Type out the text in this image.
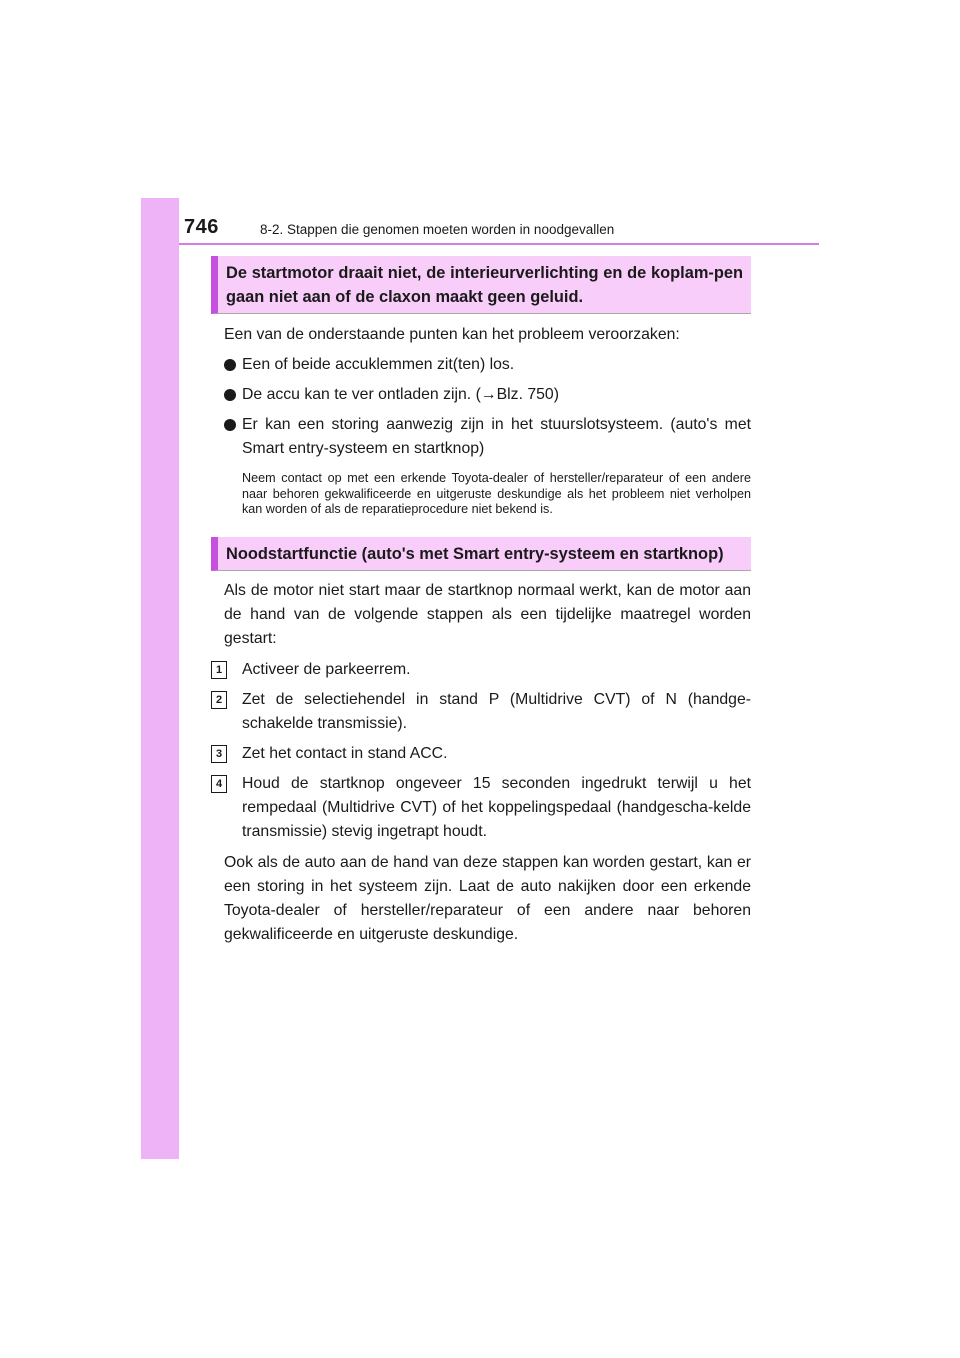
746	8-2. Stappen die genomen moeten worden in noodgevallen
De startmotor draait niet, de interieurverlichting en de koplam-pen gaan niet aan of de claxon maakt geen geluid.

Een van de onderstaande punten kan het probleem veroorzaken:

Een of beide accuklemmen zit(ten) los.

De accu kan te ver ontladen zijn. (→Blz. 750)

Er kan een storing aanwezig zijn in het stuurslotsysteem. (auto's met Smart entry-systeem en startknop)

Neem contact op met een erkende Toyota-dealer of hersteller/reparateur of een andere naar behoren gekwalificeerde en uitgeruste deskundige als het probleem niet verholpen kan worden of als de reparatieprocedure niet bekend is.

Noodstartfunctie (auto's met Smart entry-systeem en startknop)

Als de motor niet start maar de startknop normaal werkt, kan de motor aan de hand van de volgende stappen als een tijdelijke maatregel worden gestart:

1	Activeer de parkeerrem.

2	Zet de selectiehendel in stand P (Multidrive CVT) of N (handge-schakelde transmissie).

3	Zet het contact in stand ACC.

4	Houd de startknop ongeveer 15 seconden ingedrukt terwijl u het rempedaal (Multidrive CVT) of het koppelingspedaal (handgescha-kelde transmissie) stevig ingetrapt houdt.

Ook als de auto aan de hand van deze stappen kan worden gestart, kan er een storing in het systeem zijn. Laat de auto nakijken door een erkende Toyota-dealer of hersteller/reparateur of een andere naar behoren gekwalificeerde en uitgeruste deskundige.
